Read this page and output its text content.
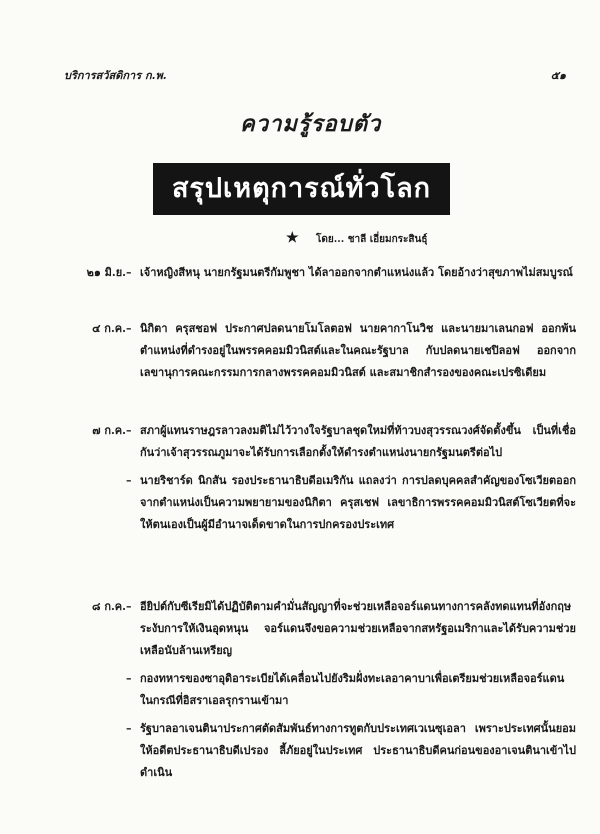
บริการสวัสดิการ ก.พ.	๕๑
ความรู้รอบตัว
สรุปเหตุการณ์ทั่วโลก
★ โดย... ชาลี เอี่ยมกระสินธุ์
๒๑ มิ.ย. – เจ้าหญิงสีหนุ นายกรัฐมนตรีกัมพูชา ได้ลาออกจากตำแหน่งแล้ว โดยอ้างว่าสุขภาพไม่สมบูรณ์
๔ ก.ค. – นิกิตา ครุสชอฟ ประกาศปลดนายโมโลตอฟ นายคากาโนวิช และนายมาเลนกอฟ ออกพ้นตำแหน่งที่ดำรงอยู่ในพรรคคอมมิวนิสต์และในคณะรัฐบาล กับปลดนายเชปิลอฟ ออกจากเลขานุการคณะกรรมการกลางพรรคคอมมิวนิสต์ และสมาชิกสำรองของคณะเปรซิเดียม
๗ ก.ค. – สภาผู้แทนราษฎรลาวลงมติไม่ไว้วางใจรัฐบาลชุดใหม่ที่ท้าวบงสุวรรณวงศ์จัดตั้งขึ้น เป็นที่เชื่อกันว่าเจ้าสุวรรณภูมาจะได้รับการเลือกตั้งให้ดำรงตำแหน่งนายกรัฐมนตรีต่อไป
– นายริชาร์ด นิกสัน รองประธานาธิบดีอเมริกัน แถลงว่า การปลดบุคคลสำคัญของโซเวียตออกจากตำแหน่งเป็นความพยายามของนิกิตา ครุสเชฟ เลขาธิการพรรคคอมมิวนิสต์โซเวียตที่จะให้ตนเองเป็นผู้มีอำนาจเด็ดขาดในการปกครองประเทศ
๘ ก.ค. – อียิปต์กับซีเรียมิได้ปฏิบัติตามคำมั่นสัญญาที่จะช่วยเหลือจอร์แดนทางการคลังทดแทนที่อังกฤษระงับการให้เงินอุดหนุน จอร์แดนจึงขอความช่วยเหลือจากสหรัฐอเมริกาและได้รับความช่วยเหลือนับล้านเหรียญ
– กองทหารของซาอุดิอาระเบียได้เคลื่อนไปยังริมฝั่งทะเลอาคาบาเพื่อเตรียมช่วยเหลือจอร์แดนในกรณีที่อิสราเอลรุกรานเข้ามา
– รัฐบาลอาเจนตินาประกาศตัดสัมพันธ์ทางการทูตกับประเทศเวเนซุเอลา เพราะประเทศนั้นยอมให้อดีตประธานาธิบดีเปรอง ลี้ภัยอยู่ในประเทศ ประธานาธิบดีคนก่อนของอาเจนตินาเข้าไปดำเนิน
